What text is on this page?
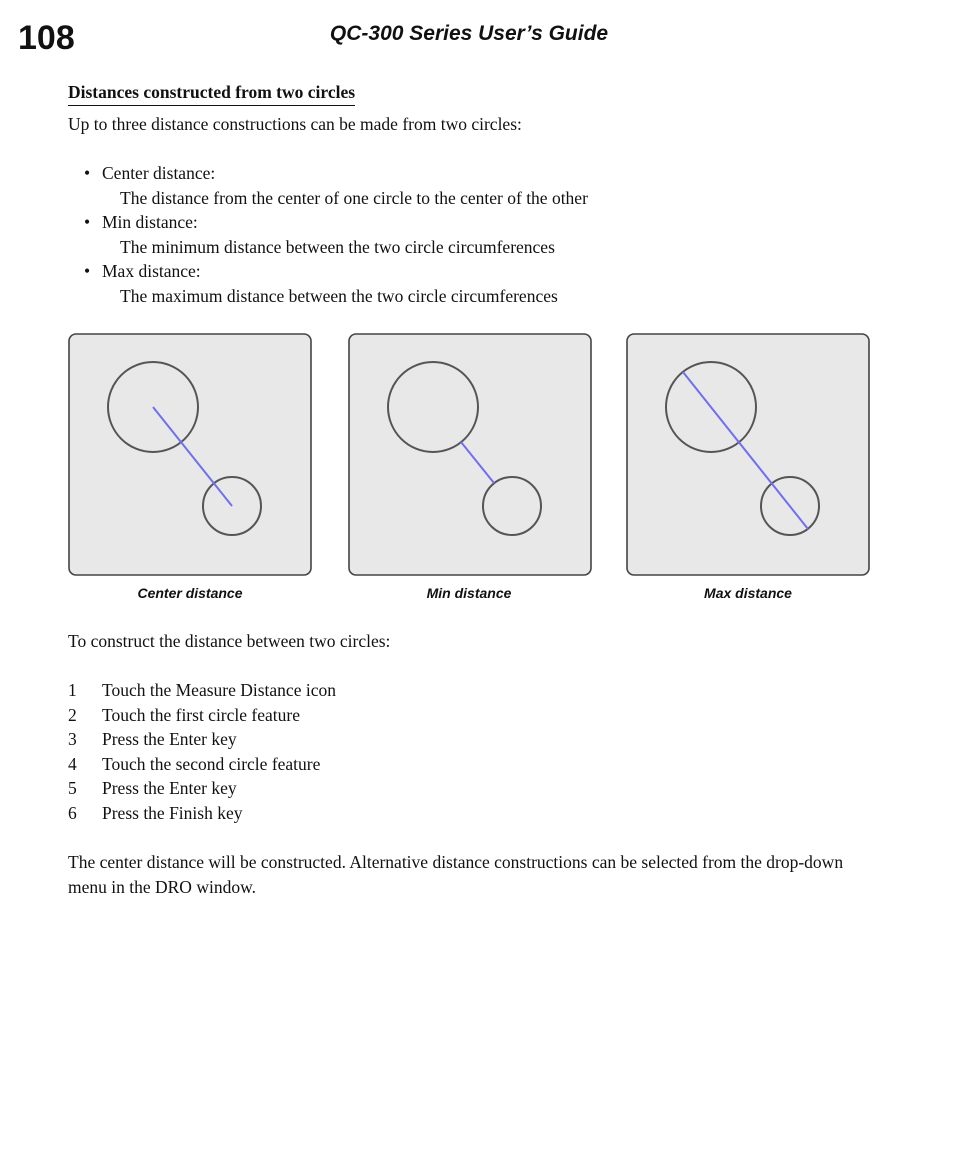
108	QC-300 Series User’s Guide
Distances constructed from two circles
Up to three distance constructions can be made from two circles:
• Center distance:
The distance from the center of one circle to the center of the other
• Min distance:
The minimum distance between the two circle circumferences
• Max distance:
The maximum distance between the two circle circumferences
Center distance	Min distance	Max distance
To construct the distance between two circles:
1 Touch the Measure Distance icon
2 Touch the first circle feature
3 Press the Enter key
4 Touch the second circle feature
5 Press the Enter key
6 Press the Finish key
The center distance will be constructed. Alternative distance constructions can be selected from the drop-down menu in the DRO window.
